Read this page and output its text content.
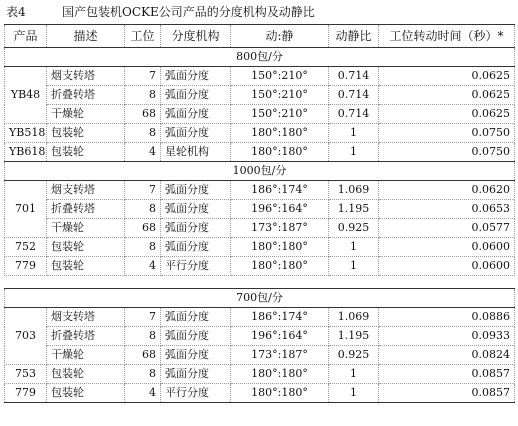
表4	国产包装机OCKE公司产品的分度机构及动静比
产品	描述	工位	分度机构	动:静	动静比	工位转动时间（秒）*
800包/分						
YB48	烟支转塔	7	弧面分度	150°:210°	0.714	0.0625
	折叠转塔	8	弧面分度	150°:210°	0.714	0.0625
	干燥轮	68	弧面分度	150°:210°	0.714	0.0625
YB518	包装轮	8	弧面分度	180°:180°	1	0.0750
YB618	包装轮	4	星轮机构	180°:180°	1	0.0750
1000包/分						
701	烟支转塔	7	弧面分度	186°:174°	1.069	0.0620
	折叠转塔	8	弧面分度	196°:164°	1.195	0.0653
	干燥轮	68	弧面分度	173°:187°	0.925	0.0577
752	包装轮	8	弧面分度	180°:180°	1	0.0600
779	包装轮	4	平行分度	180°:180°	1	0.0600

700包/分						
703	烟支转塔	7	弧面分度	186°:174°	1.069	0.0886
	折叠转塔	8	弧面分度	196°:164°	1.195	0.0933
	干燥轮	68	弧面分度	173°:187°	0.925	0.0824
753	包装轮	8	弧面分度	180°:180°	1	0.0857
779	包装轮	4	平行分度	180°:180°	1	0.0857
